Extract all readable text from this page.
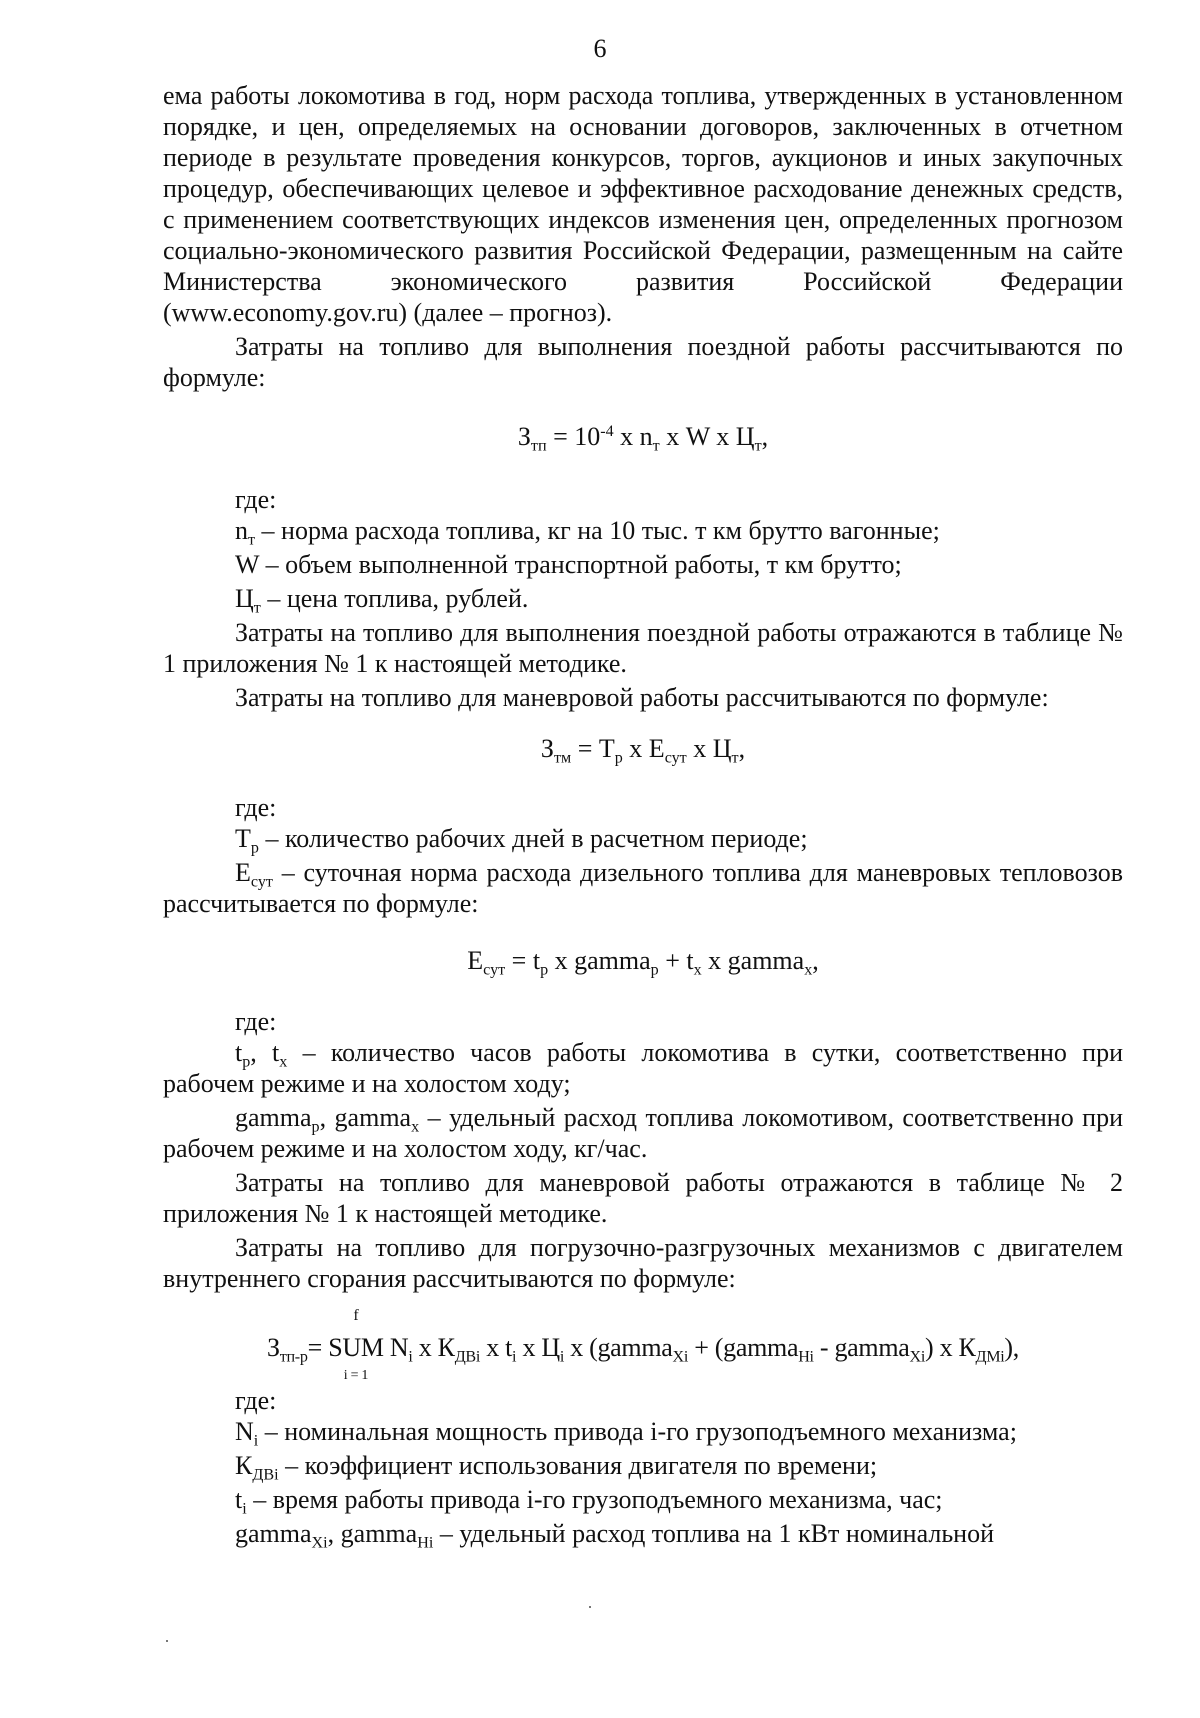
6

ема работы локомотива в год, норм расхода топлива, утвержденных в установленном порядке, и цен, определяемых на основании договоров, заключенных в отчетном периоде в результате проведения конкурсов, торгов, аукционов и иных закупочных процедур, обеспечивающих целевое и эффективное расходование денежных средств, с применением соответствующих индексов изменения цен, определенных прогнозом социально-экономического развития Российской Федерации, размещенным на сайте Министерства экономического развития Российской Федерации (www.economy.gov.ru) (далее – прогноз).

Затраты на топливо для выполнения поездной работы рассчитываются по формуле:

$З_{тп} = 10^{-4}$ х $n_т$ х W х $Ц_т$,

где:

$n_т$ – норма расхода топлива, кг на 10 тыс. т км брутто вагонные;

W – объем выполненной транспортной работы, т км брутто;

$Ц_т$ – цена топлива, рублей.

Затраты на топливо для выполнения поездной работы отражаются в таблице № 1 приложения № 1 к настоящей методике.

Затраты на топливо для маневровой работы рассчитываются по формуле:

$З_{тм} = Т_р$ х $Е_{сут}$ х $Ц_т$,

где:

$Т_р$ – количество рабочих дней в расчетном периоде;

$Е_{сут}$ – суточная норма расхода дизельного топлива для маневровых тепловозов рассчитывается по формуле:

$Е_{сут} = t_р$ х gamma$_р$ + $t_х$ х gamma$_х$,

где:

$t_р$, $t_х$ – количество часов работы локомотива в сутки, соответственно при рабочем режиме и на холостом ходу;

gamma$_р$, gamma$_х$ – удельный расход топлива локомотивом, соответственно при рабочем режиме и на холостом ходу, кг/час.

Затраты на топливо для маневровой работы отражаются в таблице № 2 приложения № 1 к настоящей методике.

Затраты на топливо для погрузочно-разгрузочных механизмов с двигателем внутреннего сгорания рассчитываются по формуле:

$З_{тп-р}=$
f
SUM
i = 1
$N_i$ х $К_{ДВi}$ х $t_i$ х $Ц_i$ х (gamma$_{Xi}$ + (gamma$_{Hi}$ - gamma$_{Xi}$) х $К_{ДМi}$),

где:

$N_i$ – номинальная мощность привода i-го грузоподъемного механизма;

$К_{ДВi}$ – коэффициент использования двигателя по времени;

$t_i$ – время работы привода i-го грузоподъемного механизма, час;

gamma$_{Xi}$, gamma$_{Hi}$ – удельный расход топлива на 1 кВт номинальной
